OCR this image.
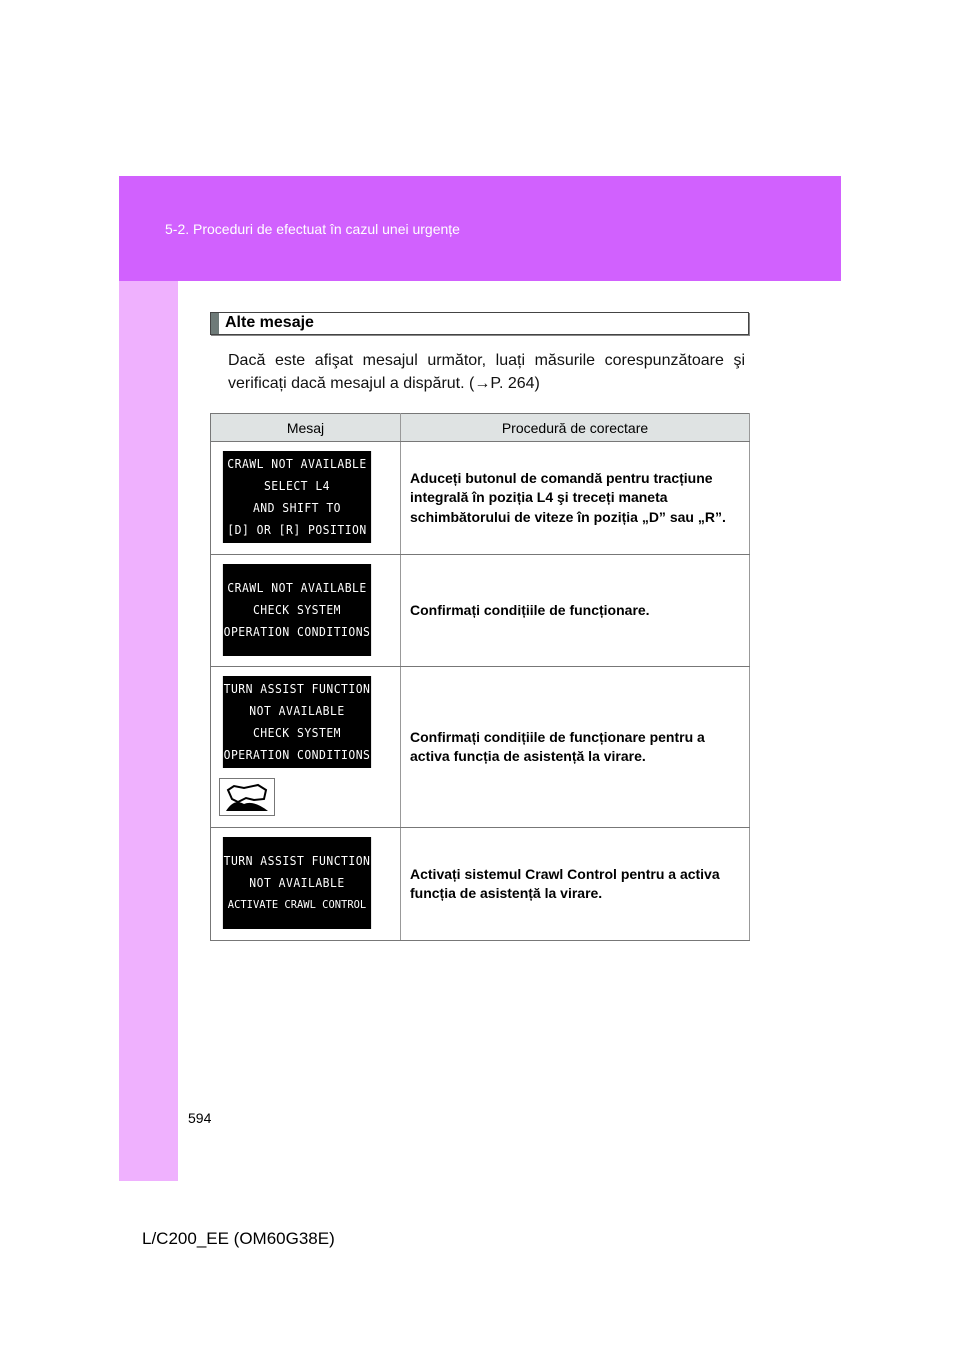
5-2. Proceduri de efectuat în cazul unei urgențe
Alte mesaje
Dacă este afişat mesajul următor, luați măsurile corespunzătoare şi verificați dacă mesajul a dispărut. (→P. 264)
Mesaj	Procedură de corectare

CRAWL NOT AVAILABLE
SELECT L4
AND SHIFT TO
[D] OR [R] POSITION	Aduceți butonul de comandă pentru tracțiune integrală în poziția L4 şi treceți maneta schimbătorului de viteze în poziția „D” sau „R”.

CRAWL NOT AVAILABLE
CHECK SYSTEM
OPERATION CONDITIONS	Confirmați condițiile de funcționare.

TURN ASSIST FUNCTION
NOT AVAILABLE
CHECK SYSTEM
OPERATION CONDITIONS	Confirmați condițiile de funcționare pentru a activa funcția de asistență la virare.

TURN ASSIST FUNCTION
NOT AVAILABLE
ACTIVATE CRAWL CONTROL	Activați sistemul Crawl Control pentru a activa funcția de asistență la virare.
594
L/C200_EE (OM60G38E)
